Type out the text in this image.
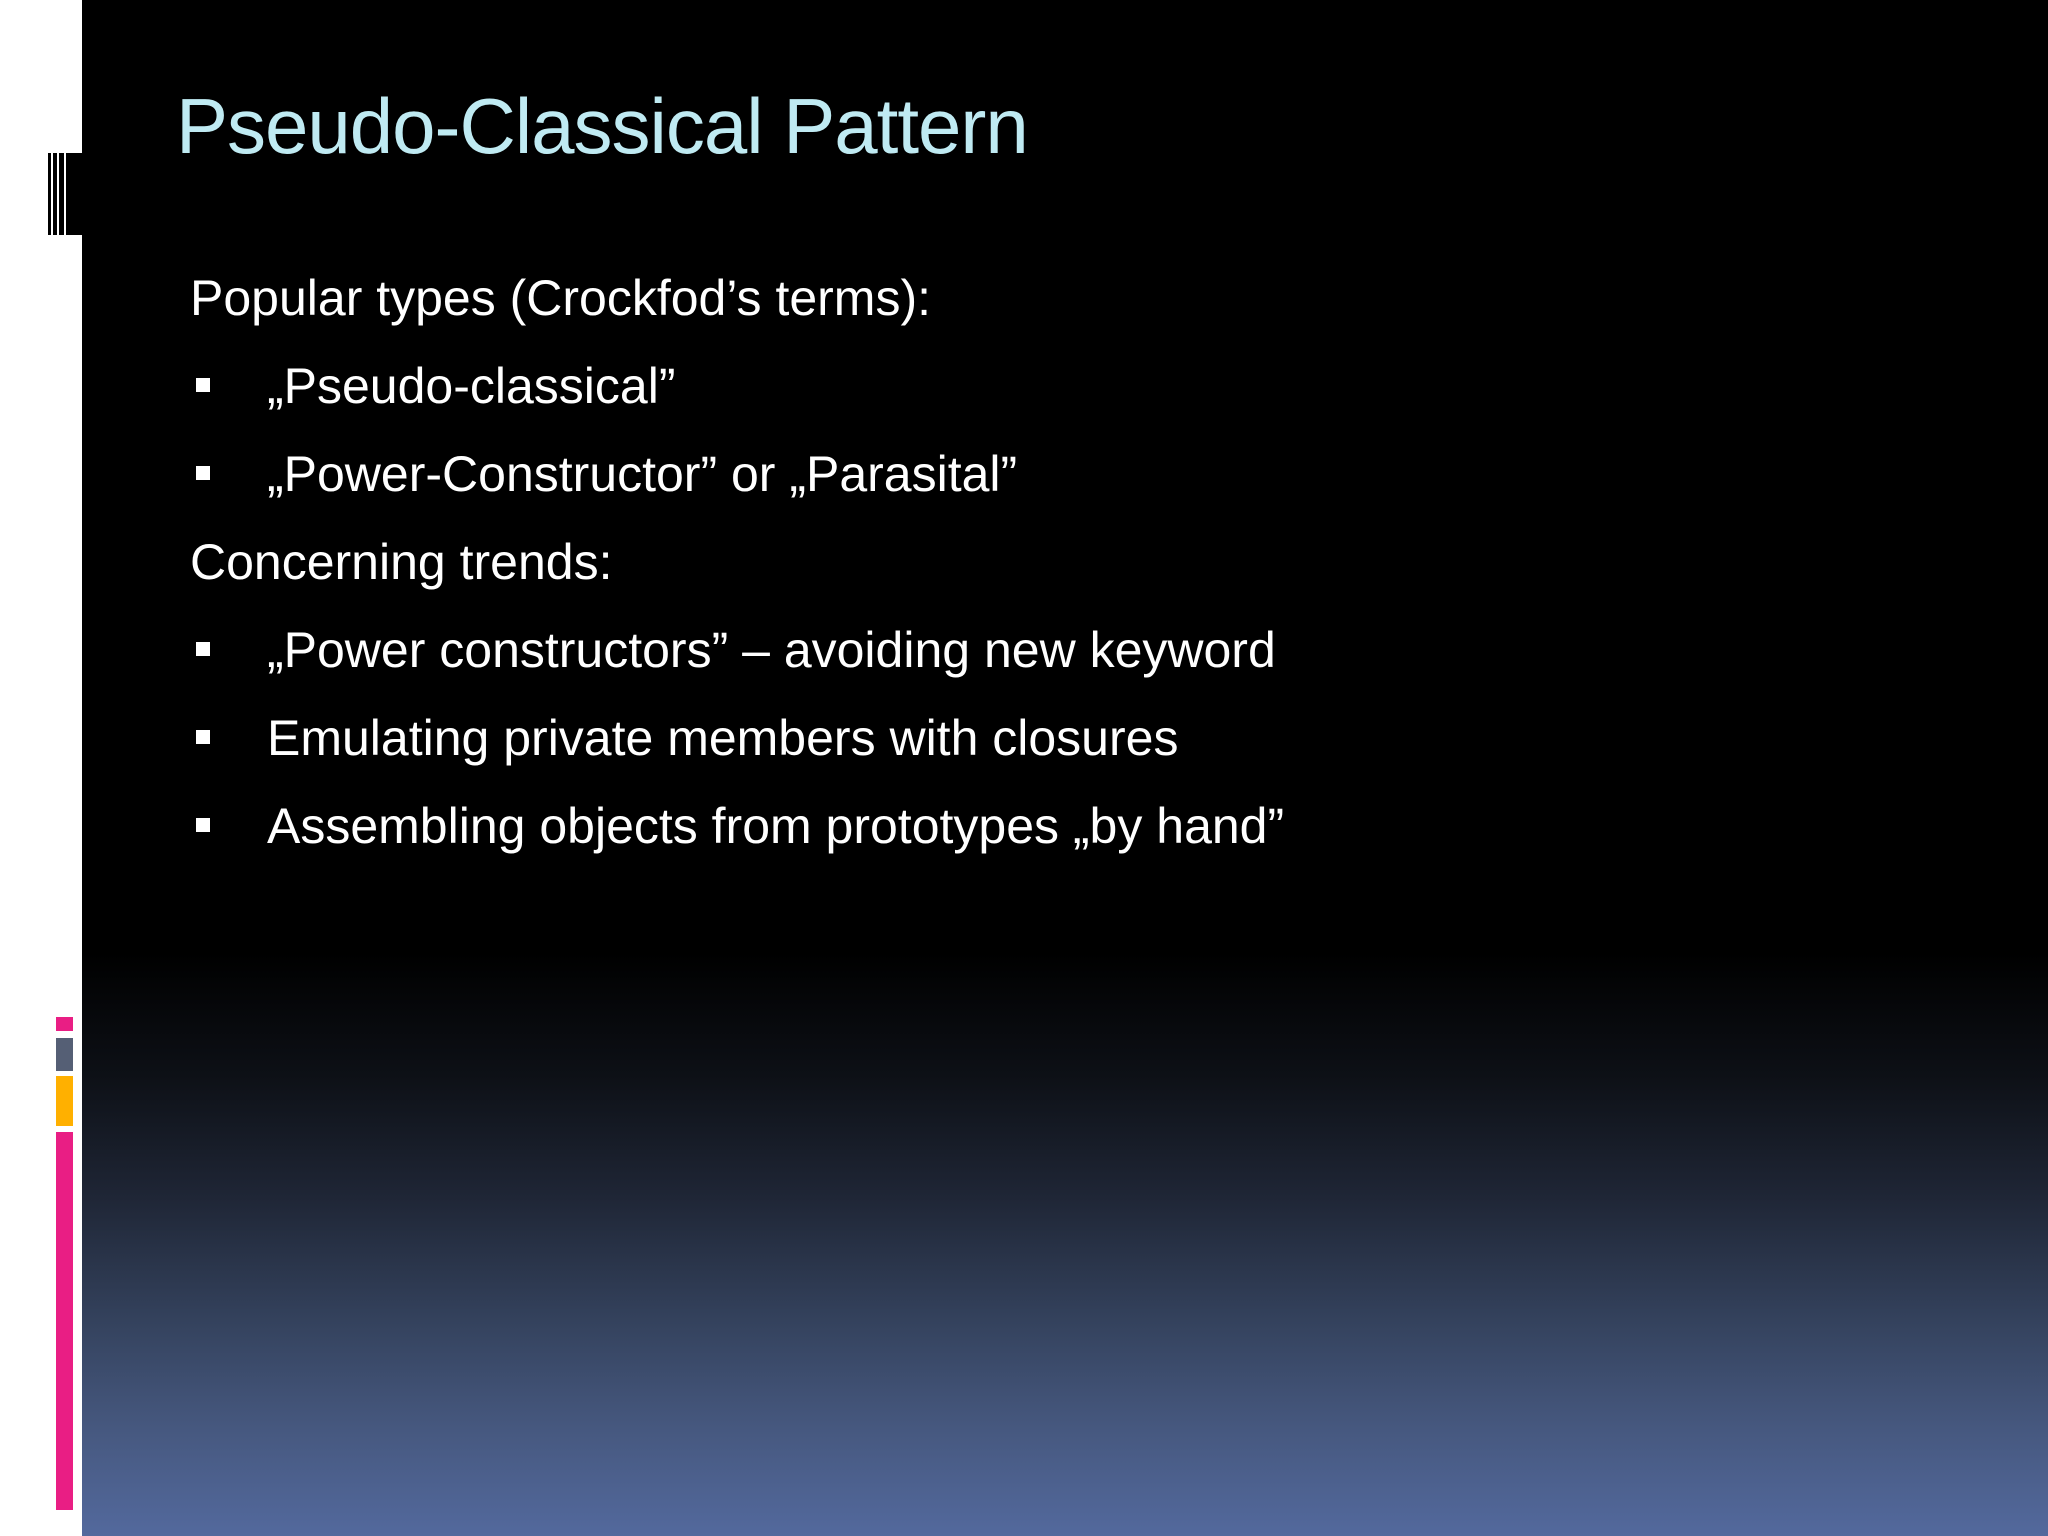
Pseudo-Classical Pattern
Popular types (Crockfod’s terms):
„Pseudo-classical”
„Power-Constructor” or „Parasital”
Concerning trends:
„Power constructors” – avoiding new keyword
Emulating private members with closures
Assembling objects from prototypes „by hand”
